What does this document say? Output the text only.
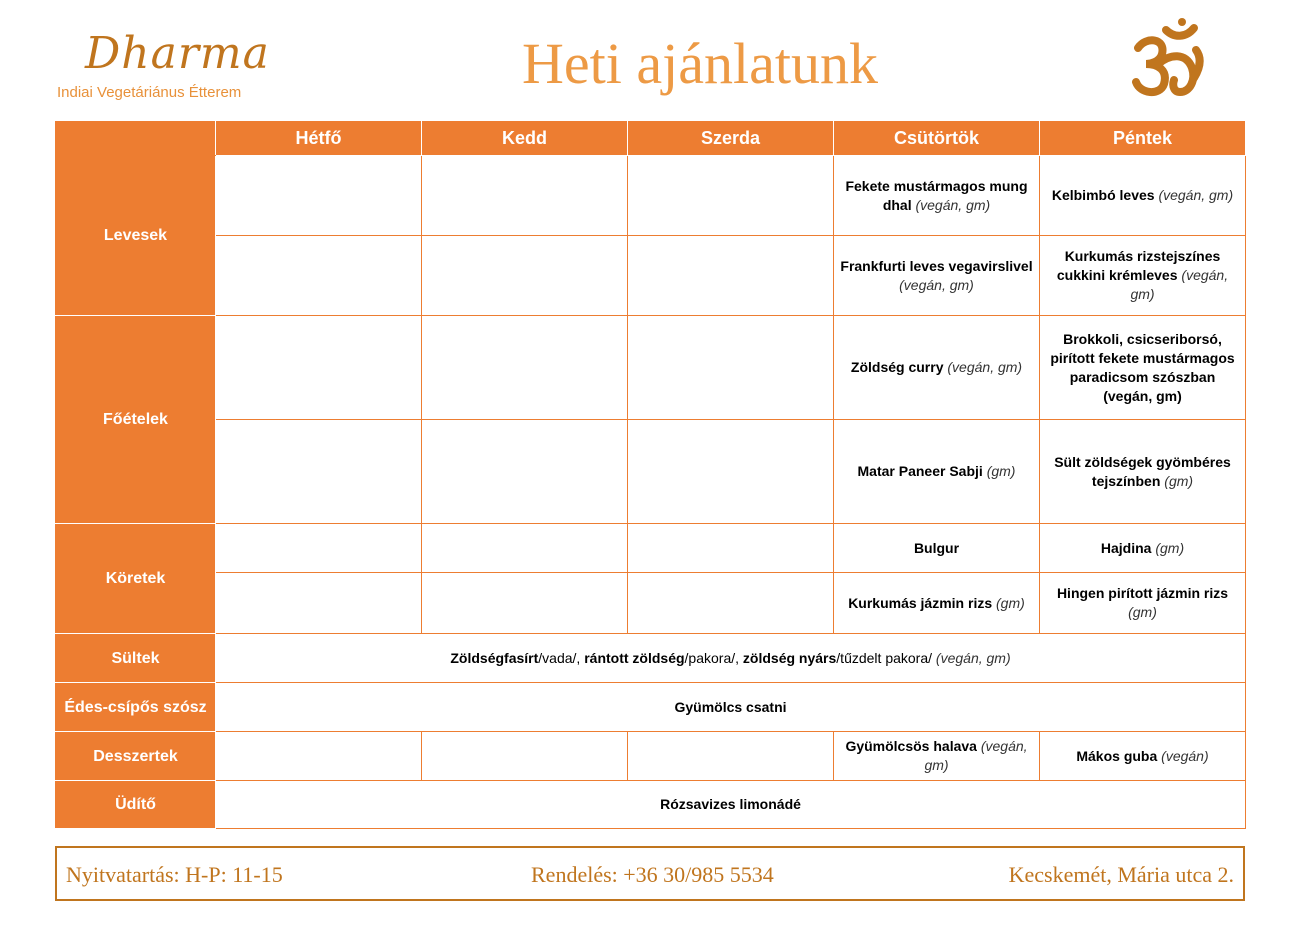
Dharma
Indiai Vegetáriánus Étterem	Heti ajánlatunk
	Hétfő	Kedd	Szerda	Csütörtök	Péntek
Levesek				Fekete mustármagos mung dhal (vegán, gm)	Kelbimbó leves (vegán, gm)
				Frankfurti leves vegavirslivel (vegán, gm)	Kurkumás rizstejszínes cukkini krémleves (vegán, gm)
Főételek				Zöldség curry (vegán, gm)	Brokkoli, csicseriborsó, pirított fekete mustármagos paradicsom szószban (vegán, gm)
				Matar Paneer Sabji (gm)	Sült zöldségek gyömbéres tejszínben (gm)
Köretek				Bulgur	Hajdina (gm)
				Kurkumás jázmin rizs (gm)	Hingen pirított jázmin rizs (gm)
Sültek	Zöldségfasírt/vada/, rántott zöldség/pakora/, zöldség nyárs/tűzdelt pakora/ (vegán, gm)				
Édes-csípős szósz	Gyümölcs csatni				
Desszertek				Gyümölcsös halava (vegán, gm)	Mákos guba (vegán)
Üdítő	Rózsavizes limonádé				
Nyitvatartás: H-P: 11-15	Rendelés: +36 30/985 5534	Kecskemét, Mária utca 2.
